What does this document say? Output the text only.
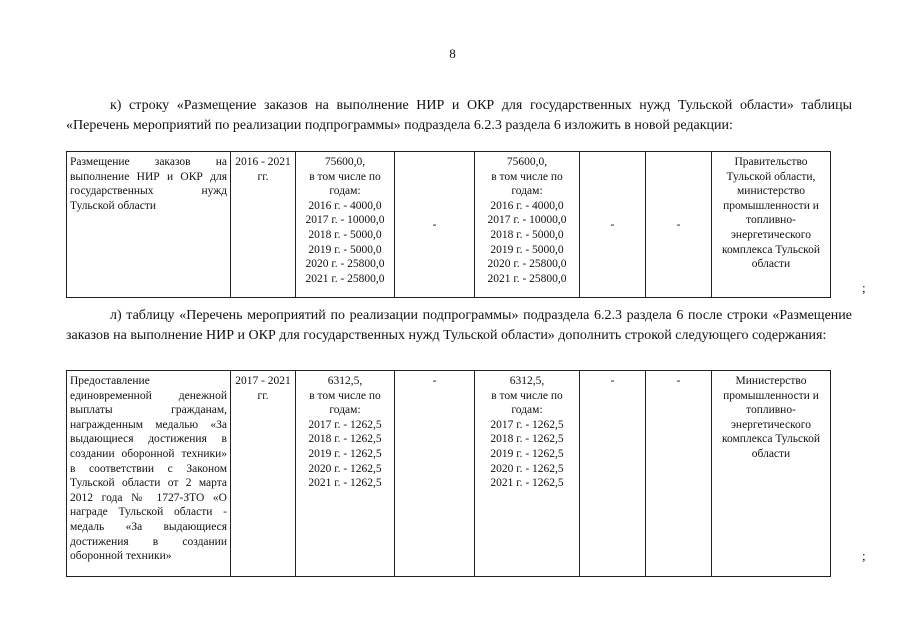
8
к) строку «Размещение заказов на выполнение НИР и ОКР для государственных нужд Тульской области» таблицы «Перечень мероприятий по реализации подпрограммы» подраздела 6.2.3 раздела 6 изложить в новой редакции:
Размещение заказов на выполнение НИР и ОКР для государственных нужд Тульской области	2016 - 2021 гг.	
75600,0,
в том числе по годам:
2016 г. - 4000,0
2017 г. - 10000,0
2018 г. - 5000,0
2019 г. - 5000,0
2020 г. - 25800,0
2021 г. - 25800,0
	-	
75600,0,
в том числе по годам:
2016 г. - 4000,0
2017 г. - 10000,0
2018 г. - 5000,0
2019 г. - 5000,0
2020 г. - 25800,0
2021 г. - 25800,0
	-	-	Правительство Тульской области, министерство промышленности и топливно-энергетического комплекса Тульской области
;
л) таблицу «Перечень мероприятий по реализации подпрограммы» подраздела 6.2.3 раздела 6 после строки «Размещение заказов на выполнение НИР и ОКР для государственных нужд Тульской области» дополнить строкой следующего содержания:
Предоставление единовременной денежной выплаты гражданам, награжденным медалью «За выдающиеся достижения в создании оборонной техники» в соответствии с Законом Тульской области от 2 марта 2012 года № 1727-ЗТО «О награде Тульской области - медаль «За выдающиеся достижения в создании оборонной техники»	2017 - 2021 гг.	
6312,5,
в том числе по годам:
2017 г. - 1262,5
2018 г. - 1262,5
2019 г. - 1262,5
2020 г. - 1262,5
2021 г. - 1262,5
	-	6312,5,
в том числе по годам:
2017 г. - 1262,5
2018 г. - 1262,5
2019 г. - 1262,5
2020 г. - 1262,5
2021 г. - 1262,5
	-	-	Министерство промышленности и топливно-энергетического комплекса Тульской области
;
